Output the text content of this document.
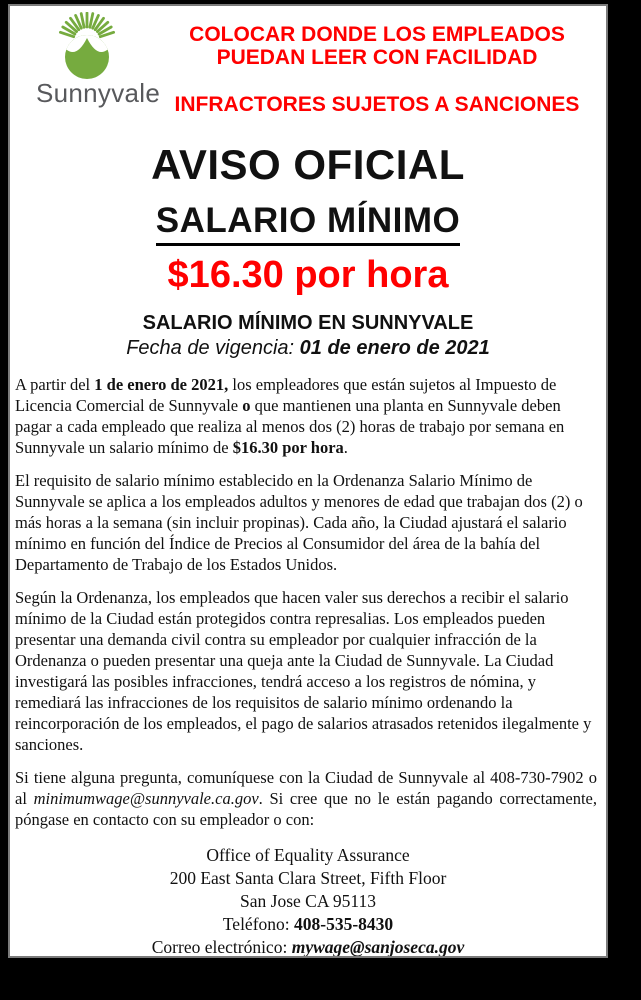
Sunnyvale
COLOCAR DONDE LOS EMPLEADOS
PUEDAN LEER CON FACILIDAD
INFRACTORES SUJETOS A SANCIONES
AVISO OFICIAL
SALARIO MÍNIMO
$16.30 por hora
SALARIO MÍNIMO EN SUNNYVALE
Fecha de vigencia: 01 de enero de 2021

A partir del 1 de enero de 2021, los empleadores que están sujetos al Impuesto de Licencia Comercial de Sunnyvale o que mantienen una planta en Sunnyvale deben pagar a cada empleado que realiza al menos dos (2) horas de trabajo por semana en Sunnyvale un salario mínimo de $16.30 por hora.

El requisito de salario mínimo establecido en la Ordenanza Salario Mínimo de Sunnyvale se aplica a los empleados adultos y menores de edad que trabajan dos (2) o más horas a la semana (sin incluir propinas). Cada año, la Ciudad ajustará el salario mínimo en función del Índice de Precios al Consumidor del área de la bahía del Departamento de Trabajo de los Estados Unidos.

Según la Ordenanza, los empleados que hacen valer sus derechos a recibir el salario mínimo de la Ciudad están protegidos contra represalias. Los empleados pueden presentar una demanda civil contra su empleador por cualquier infracción de la Ordenanza o pueden presentar una queja ante la Ciudad de Sunnyvale. La Ciudad investigará las posibles infracciones, tendrá acceso a los registros de nómina, y remediará las infracciones de los requisitos de salario mínimo ordenando la reincorporación de los empleados, el pago de salarios atrasados retenidos ilegalmente y sanciones.

Si tiene alguna pregunta, comuníquese con la Ciudad de Sunnyvale al 408-730-7902 o al minimumwage@sunnyvale.ca.gov. Si cree que no le están pagando correctamente, póngase en contacto con su empleador o con:

Office of Equality Assurance
200 East Santa Clara Street, Fifth Floor
San Jose CA 95113
Teléfono: 408-535-8430
Correo electrónico: mywage@sanjoseca.gov
